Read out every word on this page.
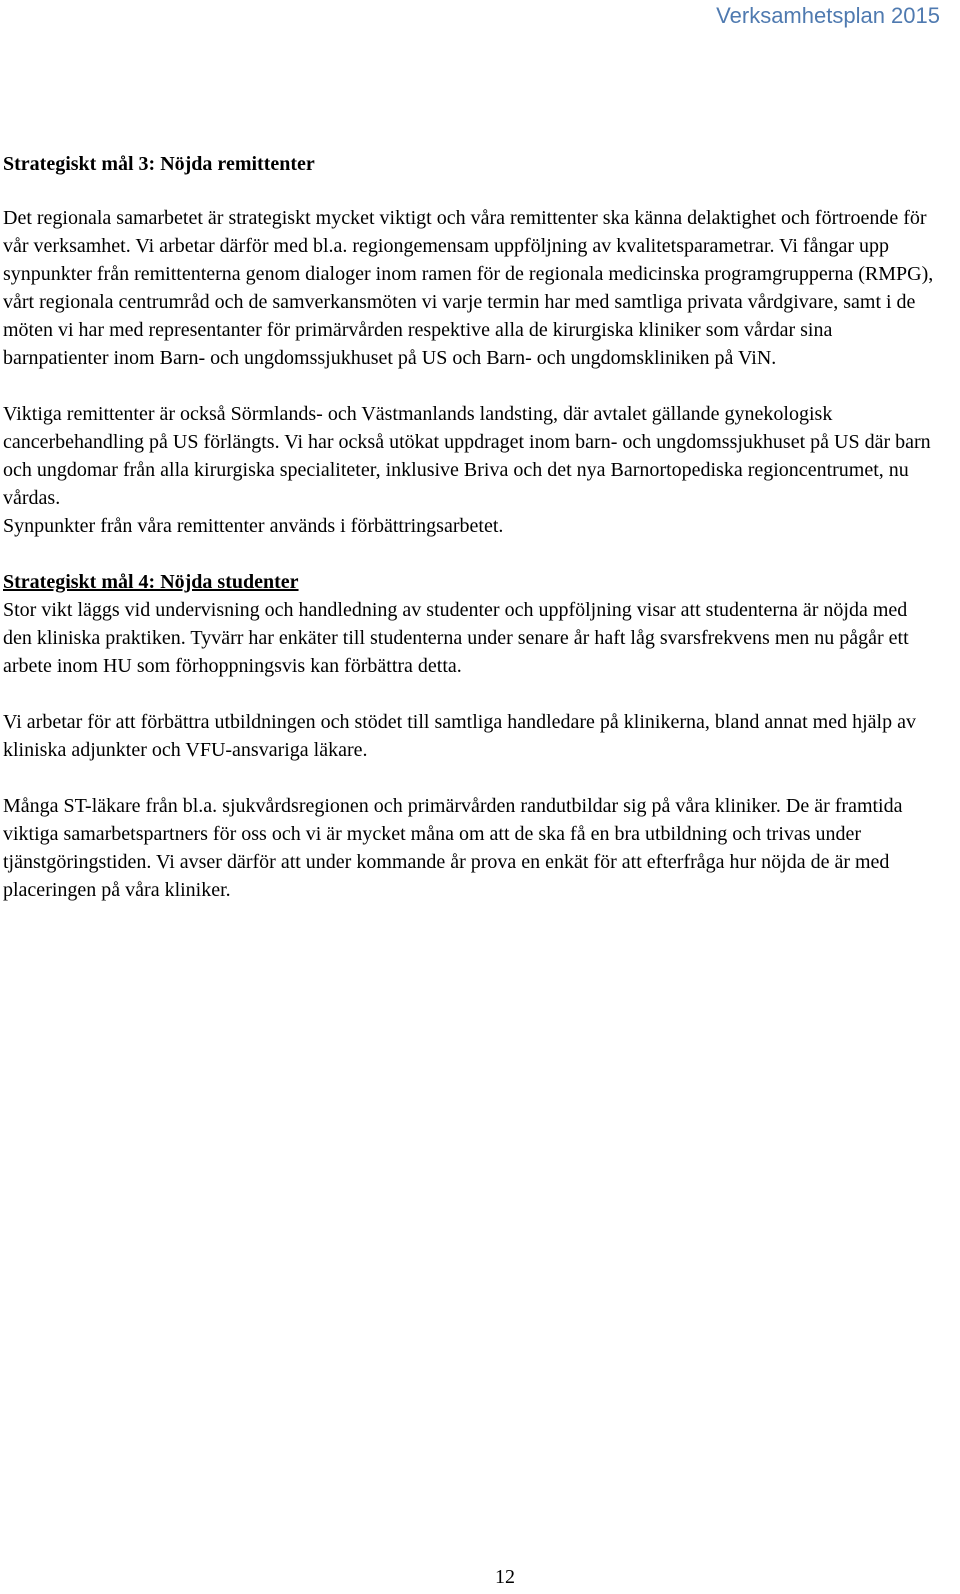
Verksamhetsplan 2015

Strategiskt mål 3: Nöjda remittenter

Det regionala samarbetet är strategiskt mycket viktigt och våra remittenter ska känna delaktighet och förtroende för vår verksamhet. Vi arbetar därför med bl.a. regiongemensam uppföljning av kvalitetsparametrar. Vi fångar upp synpunkter från remittenterna genom dialoger inom ramen för de regionala medicinska programgrupperna (RMPG), vårt regionala centrumråd och de samverkansmöten vi varje termin har med samtliga privata vårdgivare, samt i de möten vi har med representanter för primärvården respektive alla de kirurgiska kliniker som vårdar sina barnpatienter inom Barn- och ungdomssjukhuset på US och Barn- och ungdomskliniken på ViN.

Viktiga remittenter är också Sörmlands- och Västmanlands landsting, där avtalet gällande gynekologisk cancerbehandling på US förlängts. Vi har också utökat uppdraget inom barn- och ungdomssjukhuset på US där barn och ungdomar från alla kirurgiska specialiteter, inklusive Briva och det nya Barnortopediska regioncentrumet, nu vårdas.

Synpunkter från våra remittenter används i förbättringsarbetet.

Strategiskt mål 4: Nöjda studenter

Stor vikt läggs vid undervisning och handledning av studenter och uppföljning visar att studenterna är nöjda med den kliniska praktiken. Tyvärr har enkäter till studenterna under senare år haft låg svarsfrekvens men nu pågår ett arbete inom HU som förhoppningsvis kan förbättra detta.

Vi arbetar för att förbättra utbildningen och stödet till samtliga handledare på klinikerna, bland annat med hjälp av kliniska adjunkter och VFU-ansvariga läkare.

Många ST-läkare från bl.a. sjukvårdsregionen och primärvården randutbildar sig på våra kliniker. De är framtida viktiga samarbetspartners för oss och vi är mycket måna om att de ska få en bra utbildning och trivas under tjänstgöringstiden. Vi avser därför att under kommande år prova en enkät för att efterfråga hur nöjda de är med placeringen på våra kliniker.

12
